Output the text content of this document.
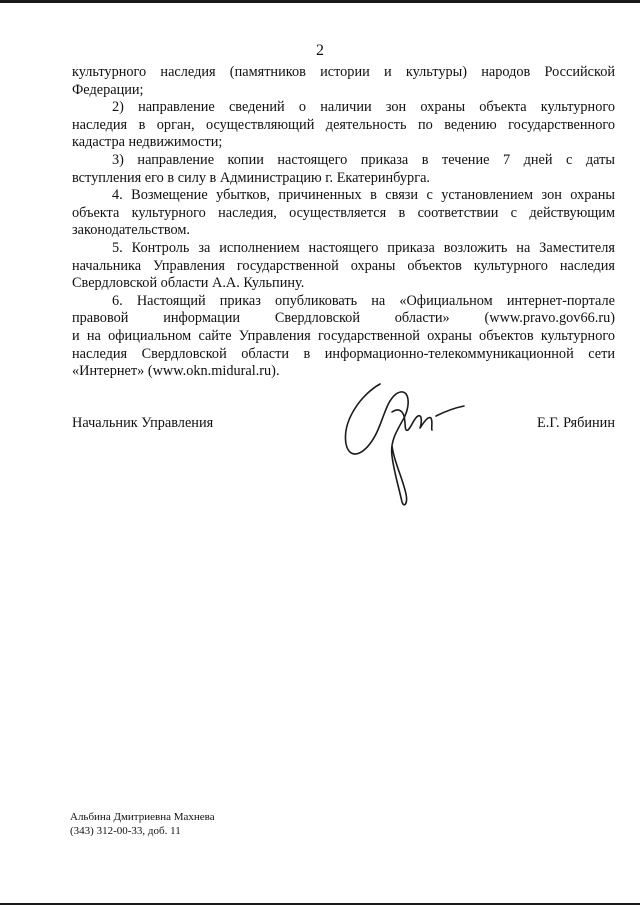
2

культурного наследия (памятников истории и культуры) народов Российской
Федерации;

2) направление сведений о наличии зон охраны объекта культурного
наследия в орган, осуществляющий деятельность по ведению государственного
кадастра недвижимости;

3) направление копии настоящего приказа в течение 7 дней с даты
вступления его в силу в Администрацию г. Екатеринбурга.

4. Возмещение убытков, причиненных в связи с установлением зон охраны
объекта культурного наследия, осуществляется в соответствии с действующим
законодательством.

5. Контроль за исполнением настоящего приказа возложить на Заместителя
начальника Управления государственной охраны объектов культурного наследия
Свердловской области А.А. Кульпину.

6. Настоящий приказ опубликовать на «Официальном интернет-портале
правовой информации Свердловской области» (www.pravo.gov66.ru)
и на официальном сайте Управления государственной охраны объектов культурного
наследия Свердловской области в информационно-телекоммуникационной сети
«Интернет» (www.okn.midural.ru).

Начальник Управления	Е.Г. Рябинин
Альбина Дмитриевна Махнева
(343) 312-00-33, доб. 11
